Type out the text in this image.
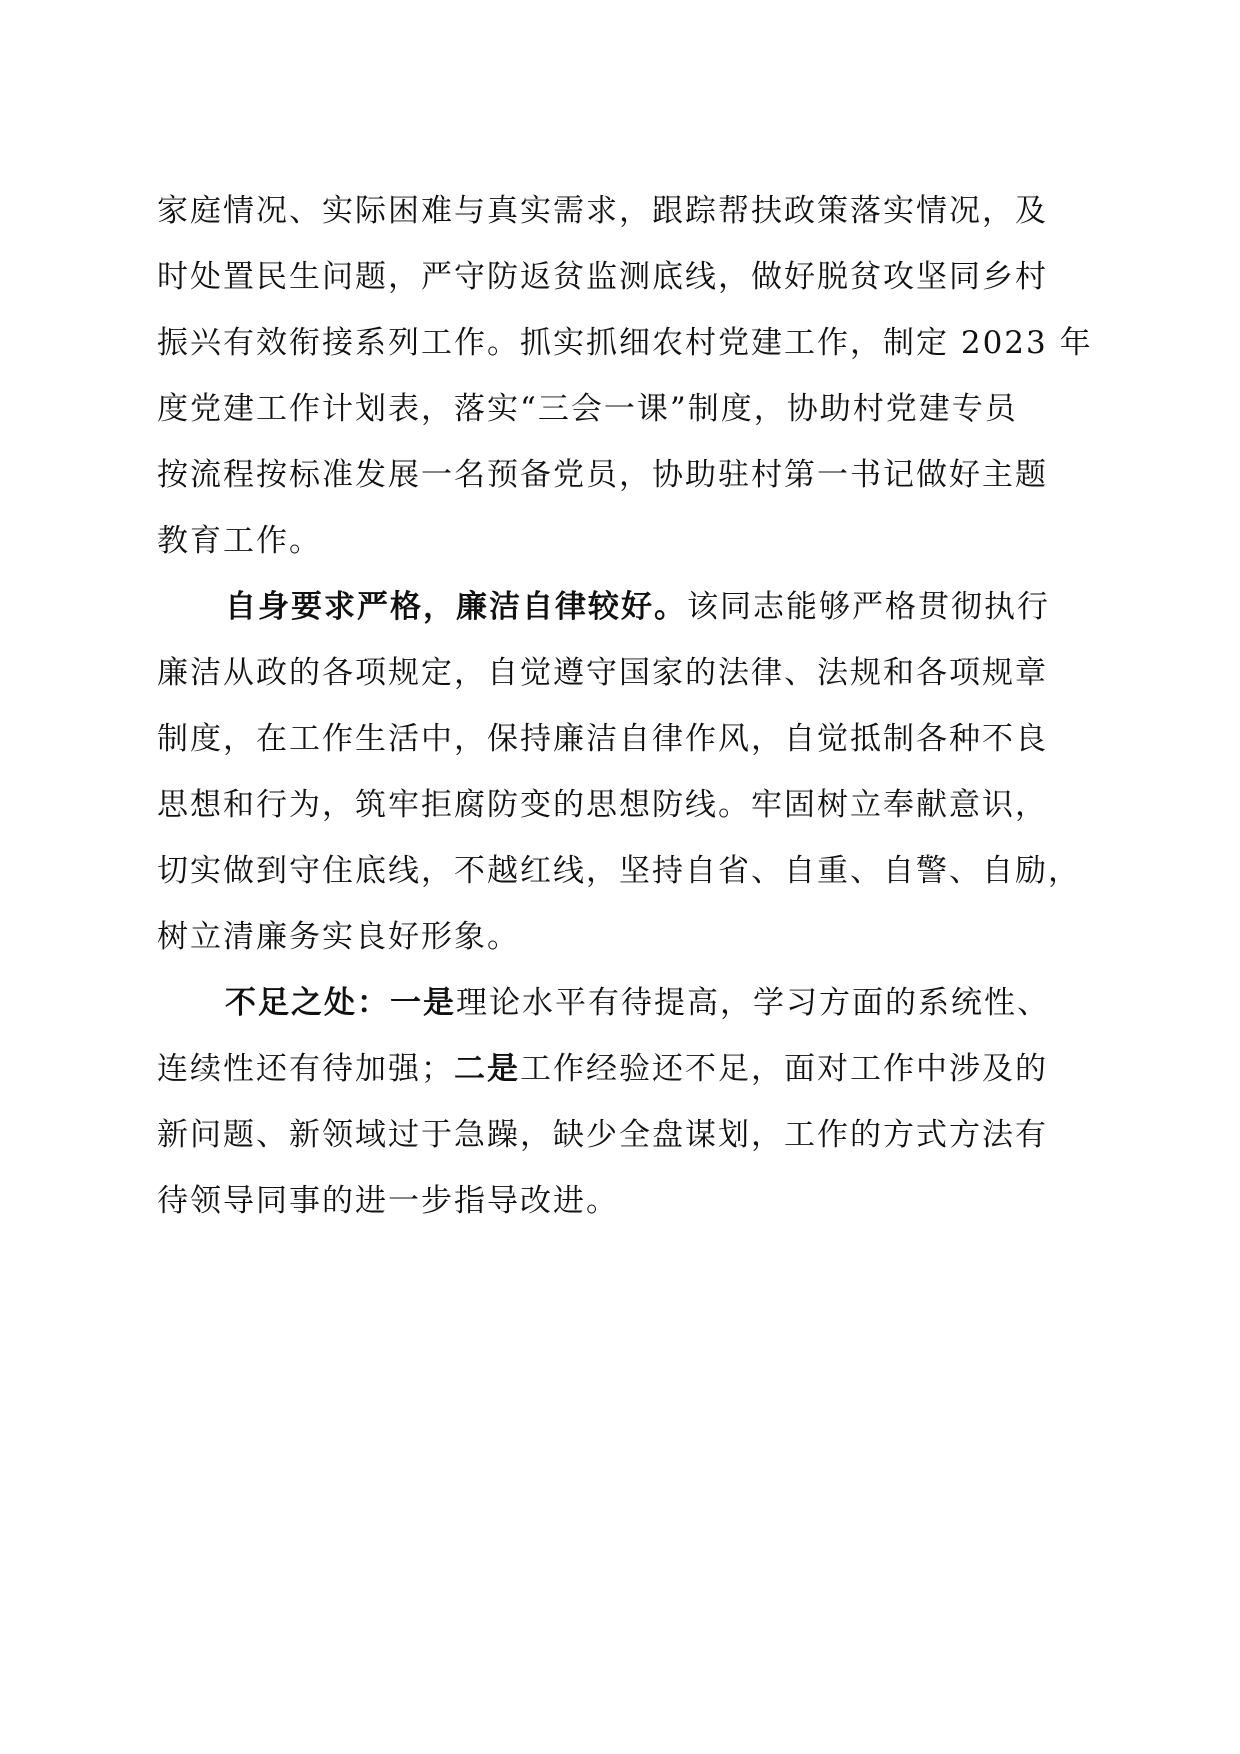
家庭情况、实际困难与真实需求，跟踪帮扶政策落实情况，及
时处置民生问题，严守防返贫监测底线，做好脱贫攻坚同乡村
振兴有效衔接系列工作。抓实抓细农村党建工作，制定 2023 年
度党建工作计划表，落实“三会一课”制度，协助村党建专员
按流程按标准发展一名预备党员，协助驻村第一书记做好主题
教育工作。
自身要求严格，廉洁自律较好。该同志能够严格贯彻执行
廉洁从政的各项规定，自觉遵守国家的法律、法规和各项规章
制度，在工作生活中，保持廉洁自律作风，自觉抵制各种不良
思想和行为，筑牢拒腐防变的思想防线。牢固树立奉献意识，
切实做到守住底线，不越红线，坚持自省、自重、自警、自励，
树立清廉务实良好形象。
不足之处：一是理论水平有待提高，学习方面的系统性、
连续性还有待加强；二是工作经验还不足，面对工作中涉及的
新问题、新领域过于急躁，缺少全盘谋划，工作的方式方法有
待领导同事的进一步指导改进。
